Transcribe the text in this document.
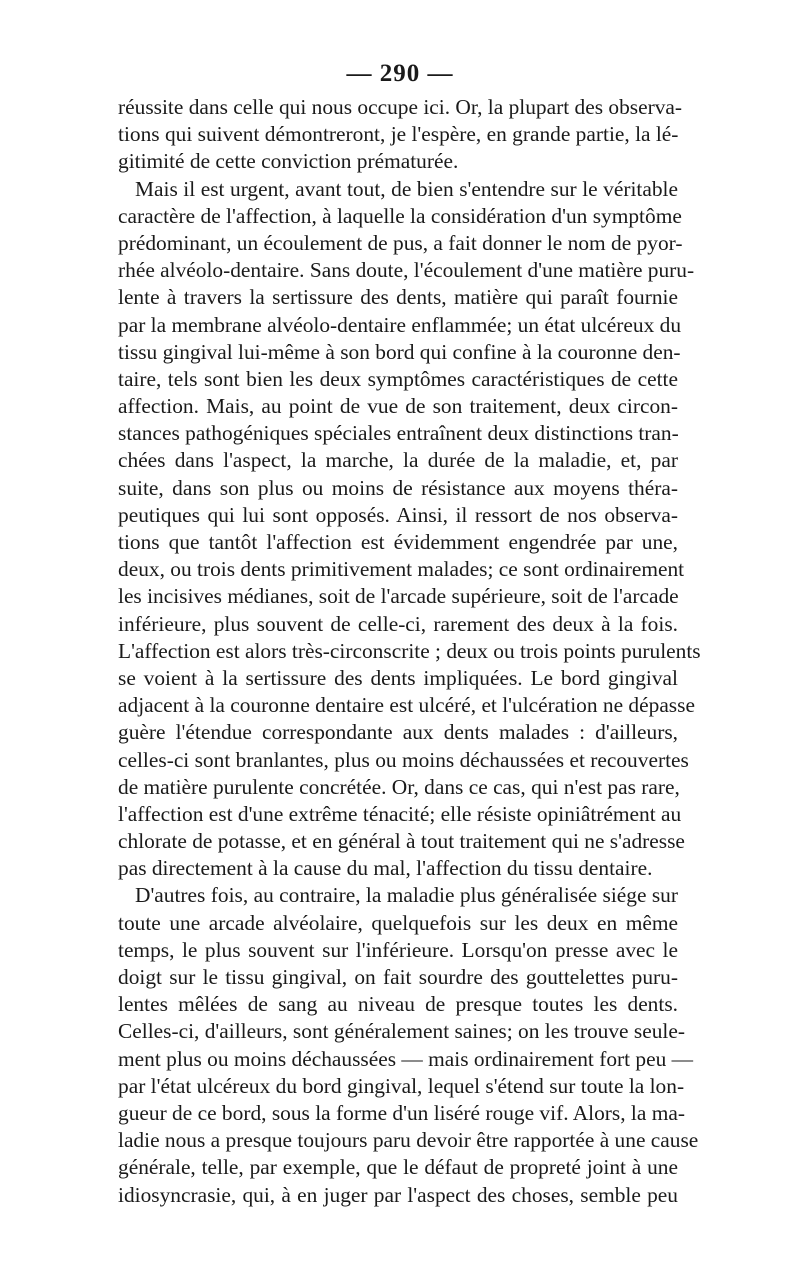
— 290 —
réussite dans celle qui nous occupe ici. Or, la plupart des observa-
tions qui suivent démontreront, je l'espère, en grande partie, la lé-
gitimité de cette conviction prématurée.
Mais il est urgent, avant tout, de bien s'entendre sur le véritable
caractère de l'affection, à laquelle la considération d'un symptôme
prédominant, un écoulement de pus, a fait donner le nom de pyor-
rhée alvéolo-dentaire. Sans doute, l'écoulement d'une matière puru-
lente à travers la sertissure des dents, matière qui paraît fournie
par la membrane alvéolo-dentaire enflammée; un état ulcéreux du
tissu gingival lui-même à son bord qui confine à la couronne den-
taire, tels sont bien les deux symptômes caractéristiques de cette
affection. Mais, au point de vue de son traitement, deux circon-
stances pathogéniques spéciales entraînent deux distinctions tran-
chées dans l'aspect, la marche, la durée de la maladie, et, par
suite, dans son plus ou moins de résistance aux moyens théra-
peutiques qui lui sont opposés. Ainsi, il ressort de nos observa-
tions que tantôt l'affection est évidemment engendrée par une,
deux, ou trois dents primitivement malades; ce sont ordinairement
les incisives médianes, soit de l'arcade supérieure, soit de l'arcade
inférieure, plus souvent de celle-ci, rarement des deux à la fois.
L'affection est alors très-circonscrite ; deux ou trois points purulents
se voient à la sertissure des dents impliquées. Le bord gingival
adjacent à la couronne dentaire est ulcéré, et l'ulcération ne dépasse
guère l'étendue correspondante aux dents malades : d'ailleurs,
celles-ci sont branlantes, plus ou moins déchaussées et recouvertes
de matière purulente concrétée. Or, dans ce cas, qui n'est pas rare,
l'affection est d'une extrême ténacité; elle résiste opiniâtrément au
chlorate de potasse, et en général à tout traitement qui ne s'adresse
pas directement à la cause du mal, l'affection du tissu dentaire.
D'autres fois, au contraire, la maladie plus généralisée siége sur
toute une arcade alvéolaire, quelquefois sur les deux en même
temps, le plus souvent sur l'inférieure. Lorsqu'on presse avec le
doigt sur le tissu gingival, on fait sourdre des gouttelettes puru-
lentes mêlées de sang au niveau de presque toutes les dents.
Celles-ci, d'ailleurs, sont généralement saines; on les trouve seule-
ment plus ou moins déchaussées — mais ordinairement fort peu —
par l'état ulcéreux du bord gingival, lequel s'étend sur toute la lon-
gueur de ce bord, sous la forme d'un liséré rouge vif. Alors, la ma-
ladie nous a presque toujours paru devoir être rapportée à une cause
générale, telle, par exemple, que le défaut de propreté joint à une
idiosyncrasie, qui, à en juger par l'aspect des choses, semble peu
